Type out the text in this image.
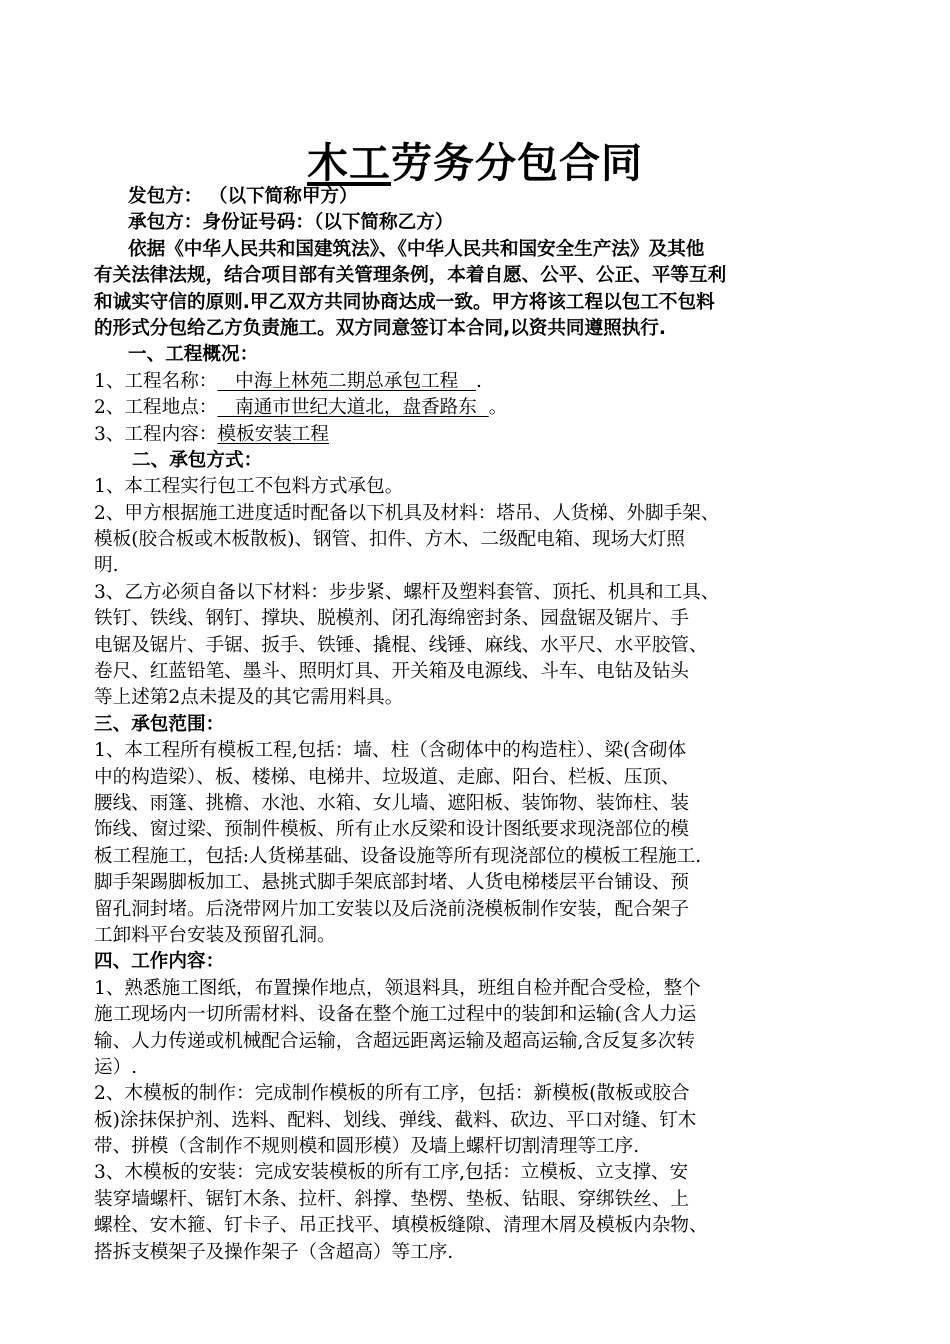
木工劳务分包合同
发包方： （以下简称甲方）
承包方：身份证号码：（以下简称乙方）
依据《中华人民共和国建筑法》、《中华人民共和国安全生产法》及其他
有关法律法规，结合项目部有关管理条例，本着自愿、公平、公正、平等互利
和诚实守信的原则.甲乙双方共同协商达成一致。甲方将该工程以包工不包料
的形式分包给乙方负责施工。双方同意签订本合同,以资共同遵照执行.
一、工程概况：
1、工程名称：   中海上林苑二期总承包工程   .
2、工程地点：   南通市世纪大道北，盘香路东  。
3、工程内容：模板安装工程
二、承包方式：
1、本工程实行包工不包料方式承包。
2、甲方根据施工进度适时配备以下机具及材料：塔吊、人货梯、外脚手架、
模板(胶合板或木板散板)、钢管、扣件、方木、二级配电箱、现场大灯照
明.
3、乙方必须自备以下材料：步步紧、螺杆及塑料套管、顶托、机具和工具、
铁钉、铁线、钢钉、撑块、脱模剂、闭孔海绵密封条、园盘锯及锯片、手
电锯及锯片、手锯、扳手、铁锤、撬棍、线锤、麻线、水平尺、水平胶管、
卷尺、红蓝铅笔、墨斗、照明灯具、开关箱及电源线、斗车、电钻及钻头
等上述第2点未提及的其它需用料具。
三、承包范围：
1、本工程所有模板工程,包括：墙、柱（含砌体中的构造柱）、梁(含砌体
中的构造梁）、板、楼梯、电梯井、垃圾道、走廊、阳台、栏板、压顶、
腰线、雨篷、挑檐、水池、水箱、女儿墙、遮阳板、装饰物、装饰柱、装
饰线、窗过梁、预制件模板、所有止水反梁和设计图纸要求现浇部位的模
板工程施工，包括:人货梯基础、设备设施等所有现浇部位的模板工程施工.
脚手架踢脚板加工、悬挑式脚手架底部封堵、人货电梯楼层平台铺设、预
留孔洞封堵。后浇带网片加工安装以及后浇前浇模板制作安装，配合架子
工卸料平台安装及预留孔洞。
四、工作内容：
1、熟悉施工图纸，布置操作地点，领退料具，班组自检并配合受检，整个
施工现场内一切所需材料、设备在整个施工过程中的装卸和运输(含人力运
输、人力传递或机械配合运输，含超远距离运输及超高运输,含反复多次转
运）.
2、木模板的制作：完成制作模板的所有工序，包括：新模板(散板或胶合
板)涂抹保护剂、选料、配料、划线、弹线、截料、砍边、平口对缝、钉木
带、拼模（含制作不规则模和圆形模）及墙上螺杆切割清理等工序.
3、木模板的安装：完成安装模板的所有工序,包括：立模板、立支撑、安
装穿墙螺杆、锯钉木条、拉杆、斜撑、垫楞、垫板、钻眼、穿绑铁丝、上
螺栓、安木箍、钉卡子、吊正找平、填模板缝隙、清理木屑及模板内杂物、
搭拆支模架子及操作架子（含超高）等工序.
